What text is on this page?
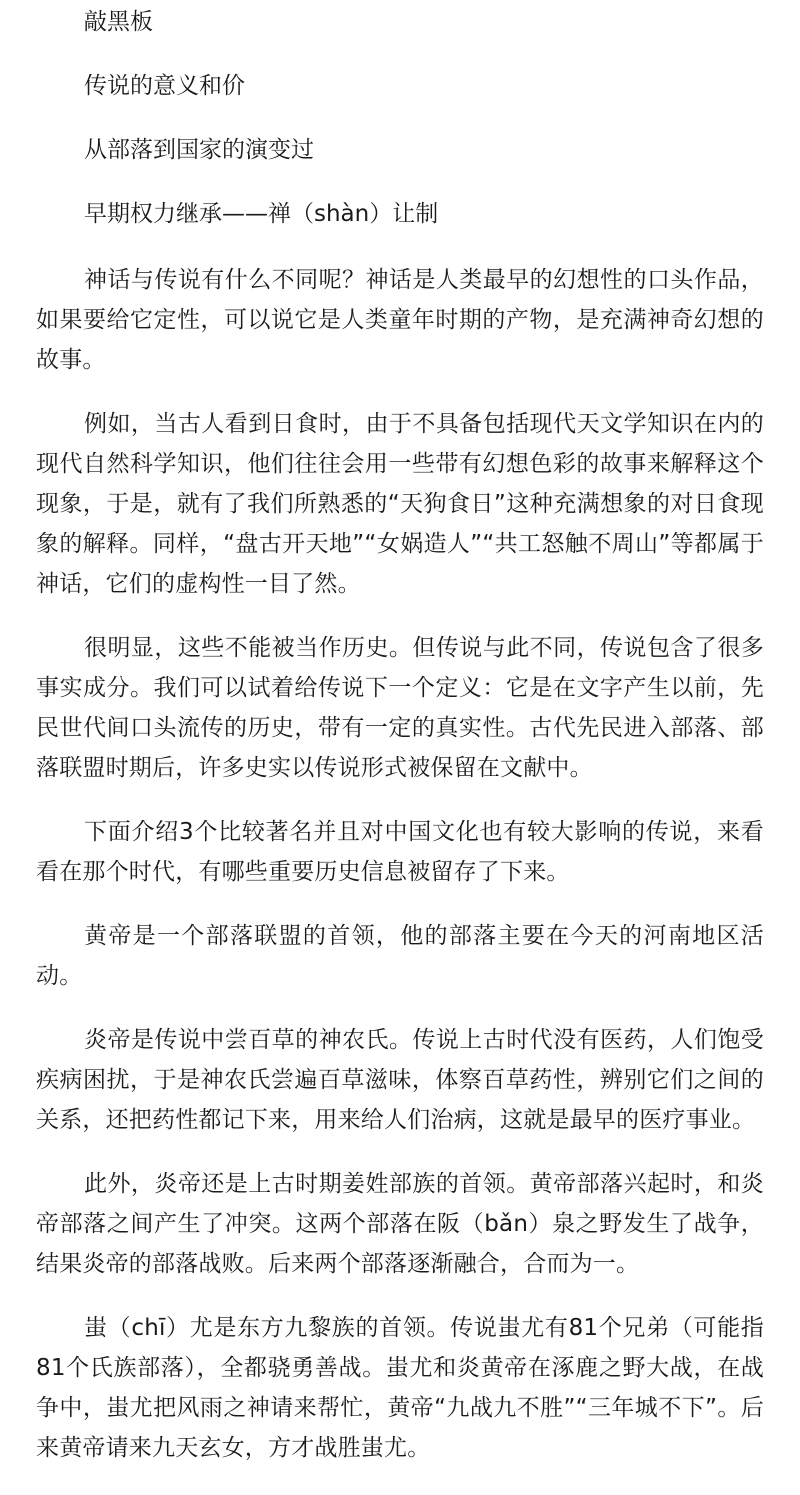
敲黑板
传说的意义和价
从部落到国家的演变过
早期权力继承——禅（shàn）让制

神话与传说有什么不同呢？神话是人类最早的幻想性的口头作品，如果要给它定性，可以说它是人类童年时期的产物，是充满神奇幻想的故事。

例如，当古人看到日食时，由于不具备包括现代天文学知识在内的现代自然科学知识，他们往往会用一些带有幻想色彩的故事来解释这个现象，于是，就有了我们所熟悉的“天狗食日”这种充满想象的对日食现象的解释。同样，“盘古开天地”“女娲造人”“共工怒触不周山”等都属于神话，它们的虚构性一目了然。

很明显，这些不能被当作历史。但传说与此不同，传说包含了很多事实成分。我们可以试着给传说下一个定义：它是在文字产生以前，先民世代间口头流传的历史，带有一定的真实性。古代先民进入部落、部落联盟时期后，许多史实以传说形式被保留在文献中。

下面介绍3个比较著名并且对中国文化也有较大影响的传说，来看看在那个时代，有哪些重要历史信息被留存了下来。

黄帝是一个部落联盟的首领，他的部落主要在今天的河南地区活动。

炎帝是传说中尝百草的神农氏。传说上古时代没有医药，人们饱受疾病困扰，于是神农氏尝遍百草滋味，体察百草药性，辨别它们之间的关系，还把药性都记下来，用来给人们治病，这就是最早的医疗事业。

此外，炎帝还是上古时期姜姓部族的首领。黄帝部落兴起时，和炎帝部落之间产生了冲突。这两个部落在阪（bǎn）泉之野发生了战争，结果炎帝的部落战败。后来两个部落逐渐融合，合而为一。

蚩（chī）尤是东方九黎族的首领。传说蚩尤有81个兄弟（可能指81个氏族部落），全都骁勇善战。蚩尤和炎黄帝在涿鹿之野大战，在战争中，蚩尤把风雨之神请来帮忙，黄帝“九战九不胜”“三年城不下”。后来黄帝请来九天玄女，方才战胜蚩尤。
